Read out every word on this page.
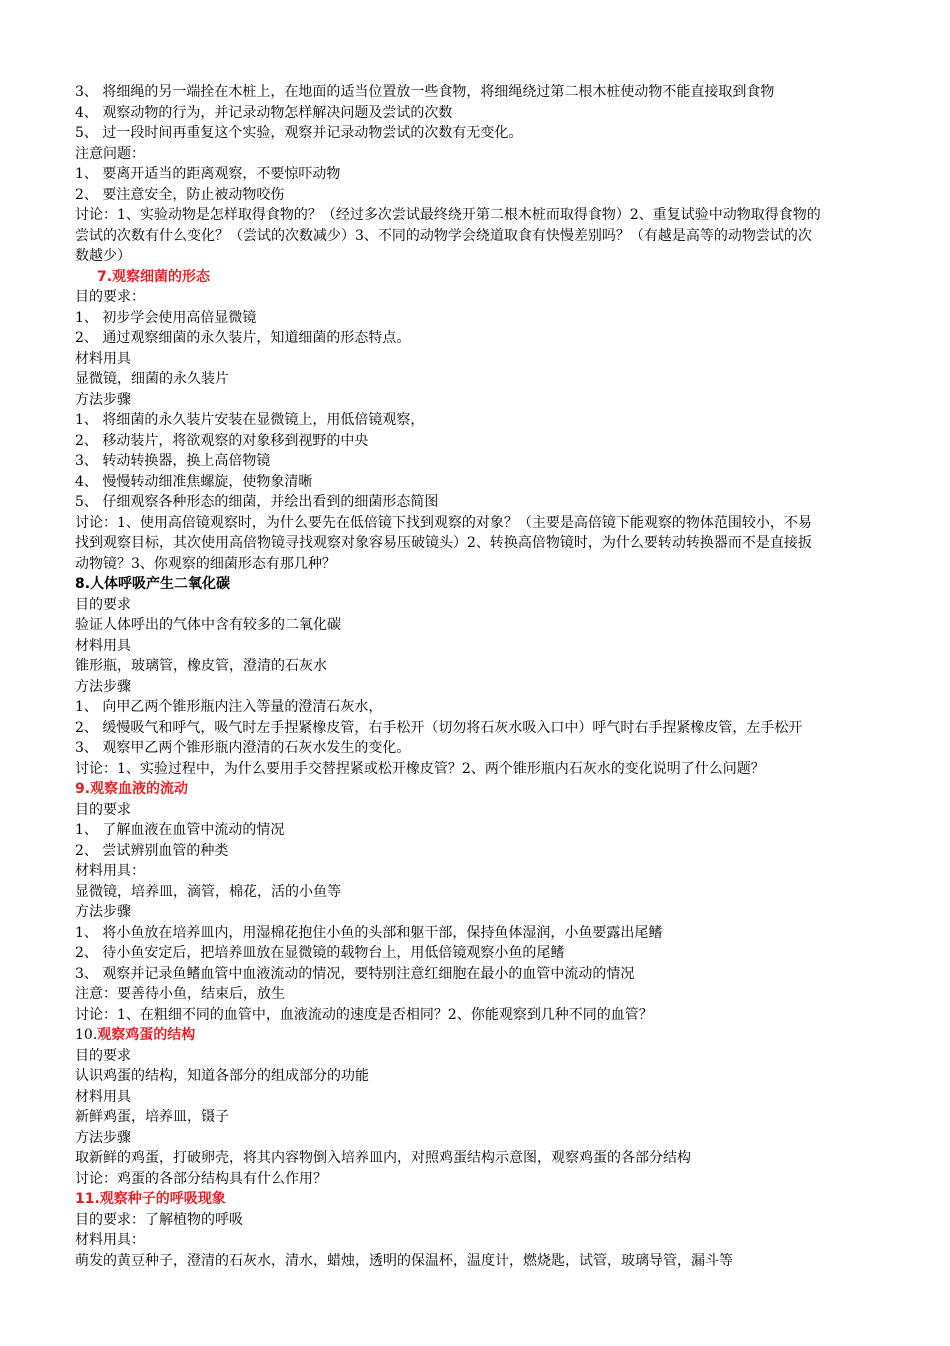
3、 将细绳的另一端拴在木桩上，在地面的适当位置放一些食物，将细绳绕过第二根木桩使动物不能直接取到食物
4、 观察动物的行为，并记录动物怎样解决问题及尝试的次数
5、 过一段时间再重复这个实验，观察并记录动物尝试的次数有无变化。
注意问题：
1、 要离开适当的距离观察，不要惊吓动物
2、 要注意安全，防止被动物咬伤
讨论：1、实验动物是怎样取得食物的？（经过多次尝试最终绕开第二根木桩而取得食物）2、重复试验中动物取得食物的
尝试的次数有什么变化？（尝试的次数减少）3、不同的动物学会绕道取食有快慢差别吗？（有越是高等的动物尝试的次
数越少）
7.观察细菌的形态
目的要求：
1、 初步学会使用高倍显微镜
2、 通过观察细菌的永久装片，知道细菌的形态特点。
材料用具
显微镜，细菌的永久装片
方法步骤
1、 将细菌的永久装片安装在显微镜上，用低倍镜观察，
2、 移动装片，将欲观察的对象移到视野的中央
3、 转动转换器，换上高倍物镜
4、 慢慢转动细准焦螺旋，使物象清晰
5、 仔细观察各种形态的细菌，并绘出看到的细菌形态简图
讨论：1、使用高倍镜观察时，为什么要先在低倍镜下找到观察的对象？（主要是高倍镜下能观察的物体范围较小，不易
找到观察目标，其次使用高倍物镜寻找观察对象容易压破镜头）2、转换高倍物镜时，为什么要转动转换器而不是直接扳
动物镜？3、你观察的细菌形态有那几种？
8.人体呼吸产生二氧化碳
目的要求
验证人体呼出的气体中含有较多的二氧化碳
材料用具
锥形瓶，玻璃管，橡皮管，澄清的石灰水
方法步骤
1、 向甲乙两个锥形瓶内注入等量的澄清石灰水，
2、 缓慢吸气和呼气，吸气时左手捏紧橡皮管，右手松开（切勿将石灰水吸入口中）呼气时右手捏紧橡皮管，左手松开
3、 观察甲乙两个锥形瓶内澄清的石灰水发生的变化。
讨论：1、实验过程中，为什么要用手交替捏紧或松开橡皮管？2、两个锥形瓶内石灰水的变化说明了什么问题？
9.观察血液的流动
目的要求
1、 了解血液在血管中流动的情况
2、 尝试辨别血管的种类
材料用具：
显微镜，培养皿，滴管，棉花，活的小鱼等
方法步骤
1、 将小鱼放在培养皿内，用湿棉花抱住小鱼的头部和躯干部，保持鱼体湿润，小鱼要露出尾鳍
2、 待小鱼安定后，把培养皿放在显微镜的载物台上，用低倍镜观察小鱼的尾鳍
3、 观察并记录鱼鳍血管中血液流动的情况，要特别注意红细胞在最小的血管中流动的情况
注意：要善待小鱼，结束后，放生
讨论：1、在粗细不同的血管中，血液流动的速度是否相同？2、你能观察到几种不同的血管？
10.观察鸡蛋的结构
目的要求
认识鸡蛋的结构，知道各部分的组成部分的功能
材料用具
新鲜鸡蛋，培养皿，镊子
方法步骤
取新鲜的鸡蛋，打破卵壳，将其内容物倒入培养皿内，对照鸡蛋结构示意图，观察鸡蛋的各部分结构
讨论：鸡蛋的各部分结构具有什么作用？
11.观察种子的呼吸现象
目的要求：了解植物的呼吸
材料用具：
萌发的黄豆种子，澄清的石灰水，清水，蜡烛，透明的保温杯，温度计，燃烧匙，试管，玻璃导管，漏斗等
